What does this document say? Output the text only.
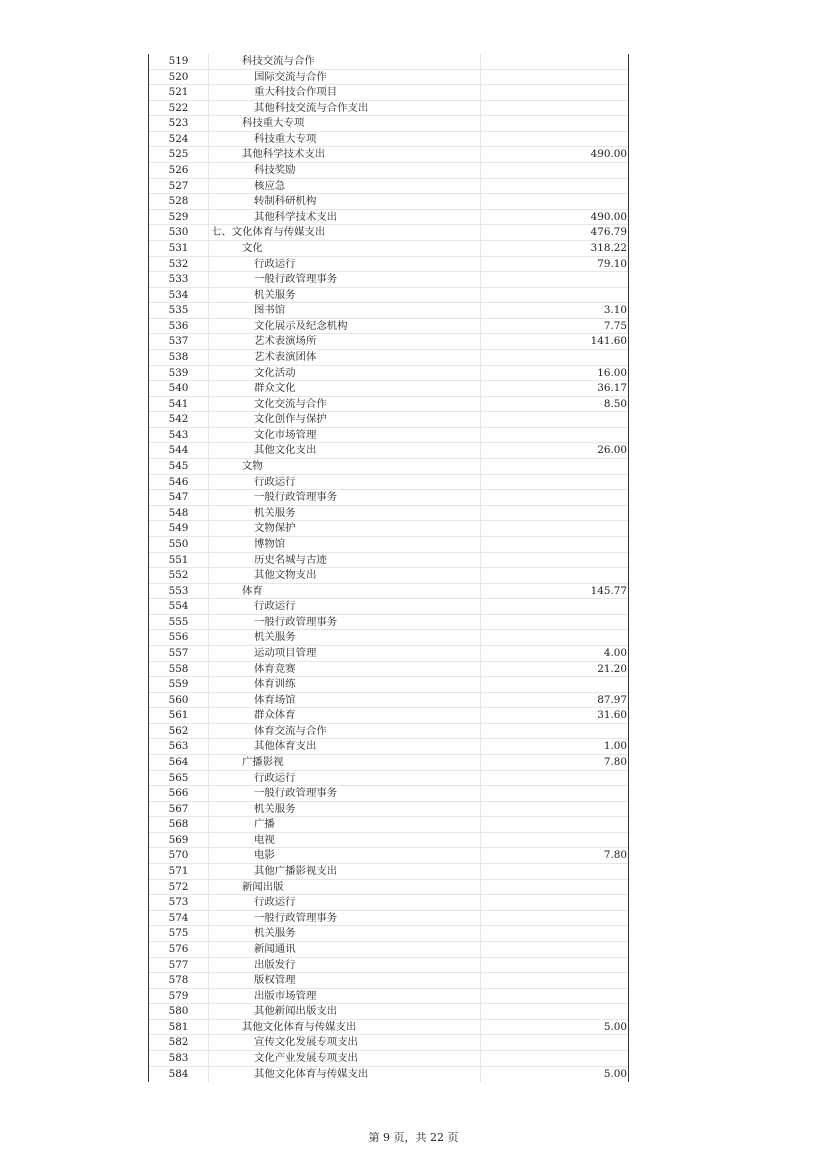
519	科技交流与合作
520	国际交流与合作
521	重大科技合作项目
522	其他科技交流与合作支出
523	科技重大专项
524	科技重大专项
525	其他科学技术支出	490.00
526	科技奖励
527	核应急
528	转制科研机构
529	其他科学技术支出	490.00
530	七、文化体育与传媒支出	476.79
531	文化	318.22
532	行政运行	79.10
533	一般行政管理事务
534	机关服务
535	图书馆	3.10
536	文化展示及纪念机构	7.75
537	艺术表演场所	141.60
538	艺术表演团体
539	文化活动	16.00
540	群众文化	36.17
541	文化交流与合作	8.50
542	文化创作与保护
543	文化市场管理
544	其他文化支出	26.00
545	文物
546	行政运行
547	一般行政管理事务
548	机关服务
549	文物保护
550	博物馆
551	历史名城与古迹
552	其他文物支出
553	体育	145.77
554	行政运行
555	一般行政管理事务
556	机关服务
557	运动项目管理	4.00
558	体育竞赛	21.20
559	体育训练
560	体育场馆	87.97
561	群众体育	31.60
562	体育交流与合作
563	其他体育支出	1.00
564	广播影视	7.80
565	行政运行
566	一般行政管理事务
567	机关服务
568	广播
569	电视
570	电影	7.80
571	其他广播影视支出
572	新闻出版
573	行政运行
574	一般行政管理事务
575	机关服务
576	新闻通讯
577	出版发行
578	版权管理
579	出版市场管理
580	其他新闻出版支出
581	其他文化体育与传媒支出	5.00
582	宣传文化发展专项支出
583	文化产业发展专项支出
584	其他文化体育与传媒支出	5.00
第 9 页，共 22 页
